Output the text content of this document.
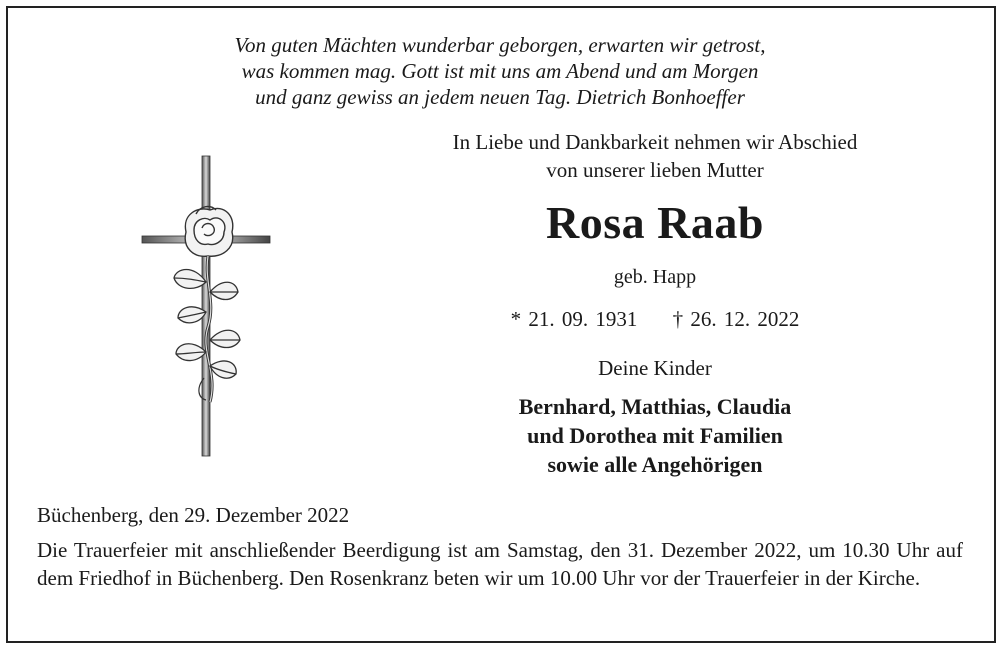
Von guten Mächten wunderbar geborgen, erwarten wir getrost,
was kommen mag. Gott ist mit uns am Abend und am Morgen
und ganz gewiss an jedem neuen Tag. Dietrich Bonhoeffer
In Liebe und Dankbarkeit nehmen wir Abschied
von unserer lieben Mutter
Rosa Raab
geb. Happ
* 21. 09. 1931 † 26. 12. 2022
Deine Kinder
Bernhard, Matthias, Claudia
und Dorothea mit Familien
sowie alle Angehörigen
Büchenberg, den 29. Dezember 2022
Die Trauerfeier mit anschließender Beerdigung ist am Samstag, den 31. Dezember 2022, um 10.30 Uhr auf dem Friedhof in Büchenberg. Den Rosenkranz beten wir um 10.00 Uhr vor der Trauerfeier in der Kirche.
